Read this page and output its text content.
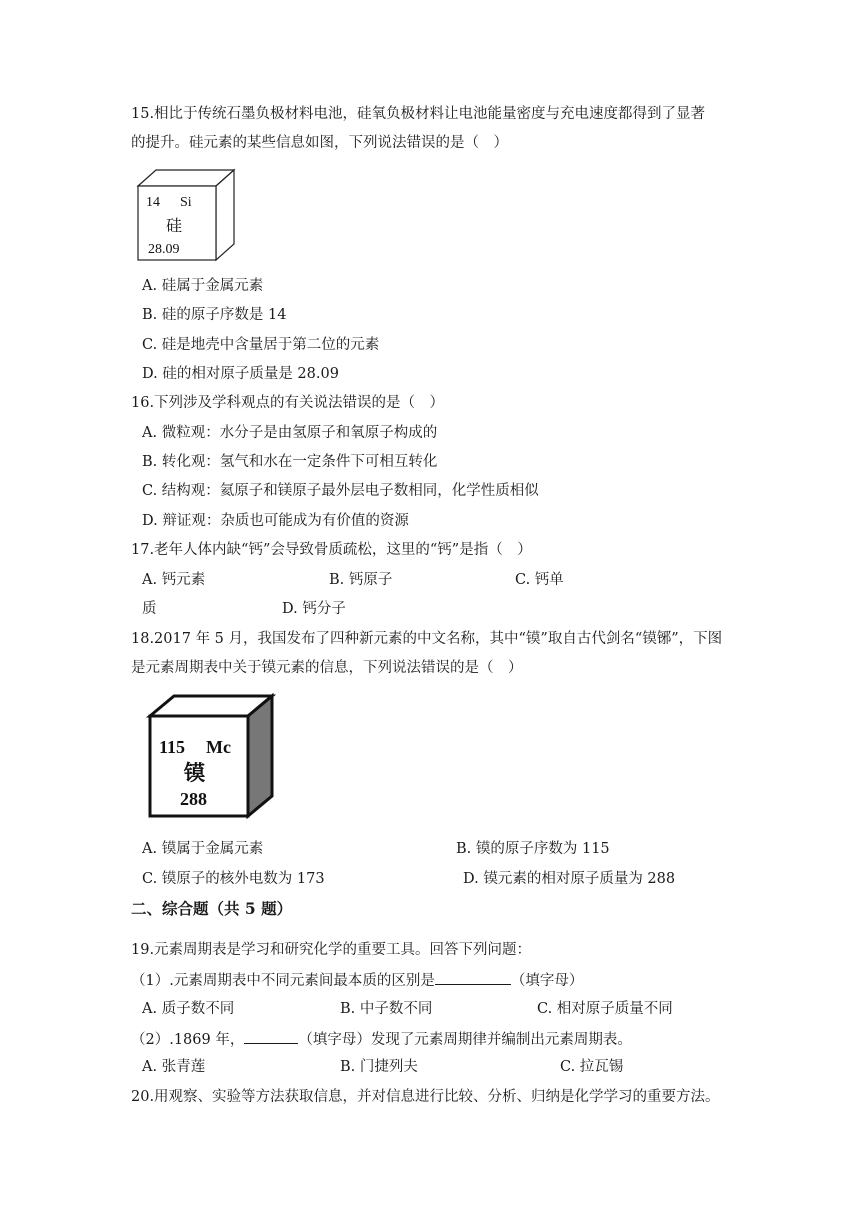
15.相比于传统石墨负极材料电池，硅氧负极材料让电池能量密度与充电速度都得到了显著
的提升。硅元素的某些信息如图，下列说法错误的是（　）
14 Si
硅
28.09
A. 硅属于金属元素
B. 硅的原子序数是 14
C. 硅是地壳中含量居于第二位的元素
D. 硅的相对原子质量是 28.09
16.下列涉及学科观点的有关说法错误的是（　）
A. 微粒观：水分子是由氢原子和氧原子构成的
B. 转化观：氢气和水在一定条件下可相互转化
C. 结构观：氦原子和镁原子最外层电子数相同，化学性质相似
D. 辩证观：杂质也可能成为有价值的资源
17.老年人体内缺“钙”会导致骨质疏松，这里的“钙”是指（　）
A. 钙元素	B. 钙原子	C. 钙单
质	D. 钙分子
18.2017 年 5 月，我国发布了四种新元素的中文名称，其中“镆”取自古代剑名“镆铘”，下图
是元素周期表中关于镆元素的信息，下列说法错误的是（　）
115 Mc
镆
288
A. 镆属于金属元素	B. 镆的原子序数为 115
C. 镆原子的核外电数为 173	D. 镆元素的相对原子质量为 288
二、综合题（共 5 题）
19.元素周期表是学习和研究化学的重要工具。回答下列问题：
（1）.元素周期表中不同元素间最本质的区别是	（填字母）
A. 质子数不同	B. 中子数不同	C. 相对原子质量不同
（2）.1869 年，	（填字母）发现了元素周期律并编制出元素周期表。
A. 张青莲	B. 门捷列夫	C. 拉瓦锡
20.用观察、实验等方法获取信息，并对信息进行比较、分析、归纳是化学学习的重要方法。
